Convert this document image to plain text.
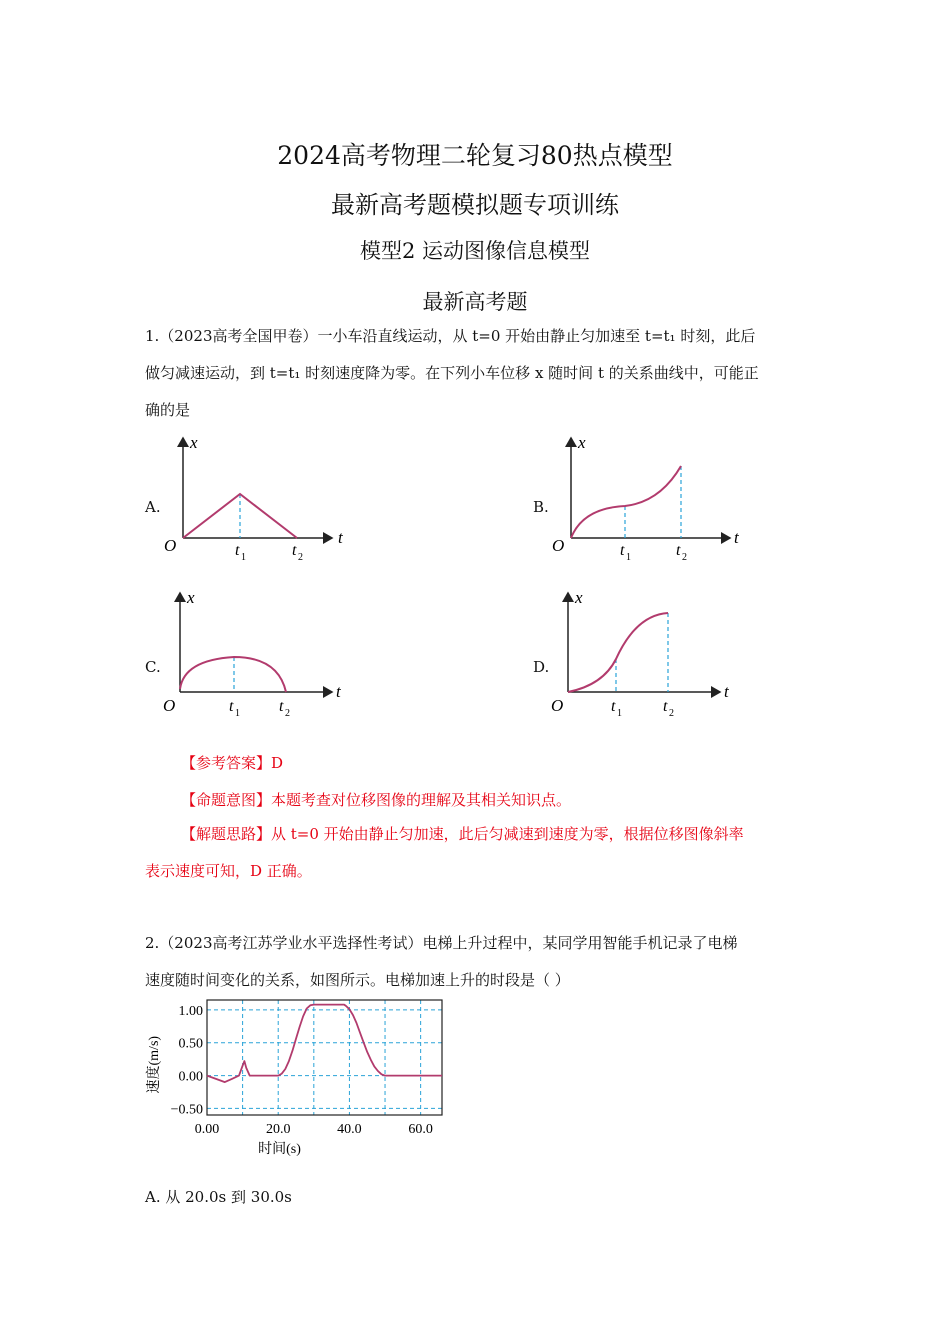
2024高考物理二轮复习80热点模型
最新高考题模拟题专项训练
模型2 运动图像信息模型
最新高考题
1.（2023高考全国甲卷）一小车沿直线运动，从 t=0 开始由静止匀加速至 t=t₁ 时刻，此后
做匀减速运动，到 t=t₁ 时刻速度降为零。在下列小车位移 x 随时间 t 的关系曲线中，可能正
确的是
A.	B.
C.	D.
x
t
O	t 1	t 2
x
t
O	t 1	t 2
x
t
O	t 1 t 2
x
t
O	t 1	t 2
【参考答案】D
【命题意图】本题考查对位移图像的理解及其相关知识点。
【解题思路】从 t=0 开始由静止匀加速，此后匀减速到速度为零，根据位移图像斜率
表示速度可知，D 正确。
2.（2023高考江苏学业水平选择性考试）电梯上升过程中，某同学用智能手机记录了电梯
速度随时间变化的关系，如图所示。电梯加速上升的时段是（ ）
速度(m/s)
时间(s)
0.00	20.0	40.0	60.0
1.00
0.50
0.00
−0.50
A. 从 20.0s 到 30.0s
